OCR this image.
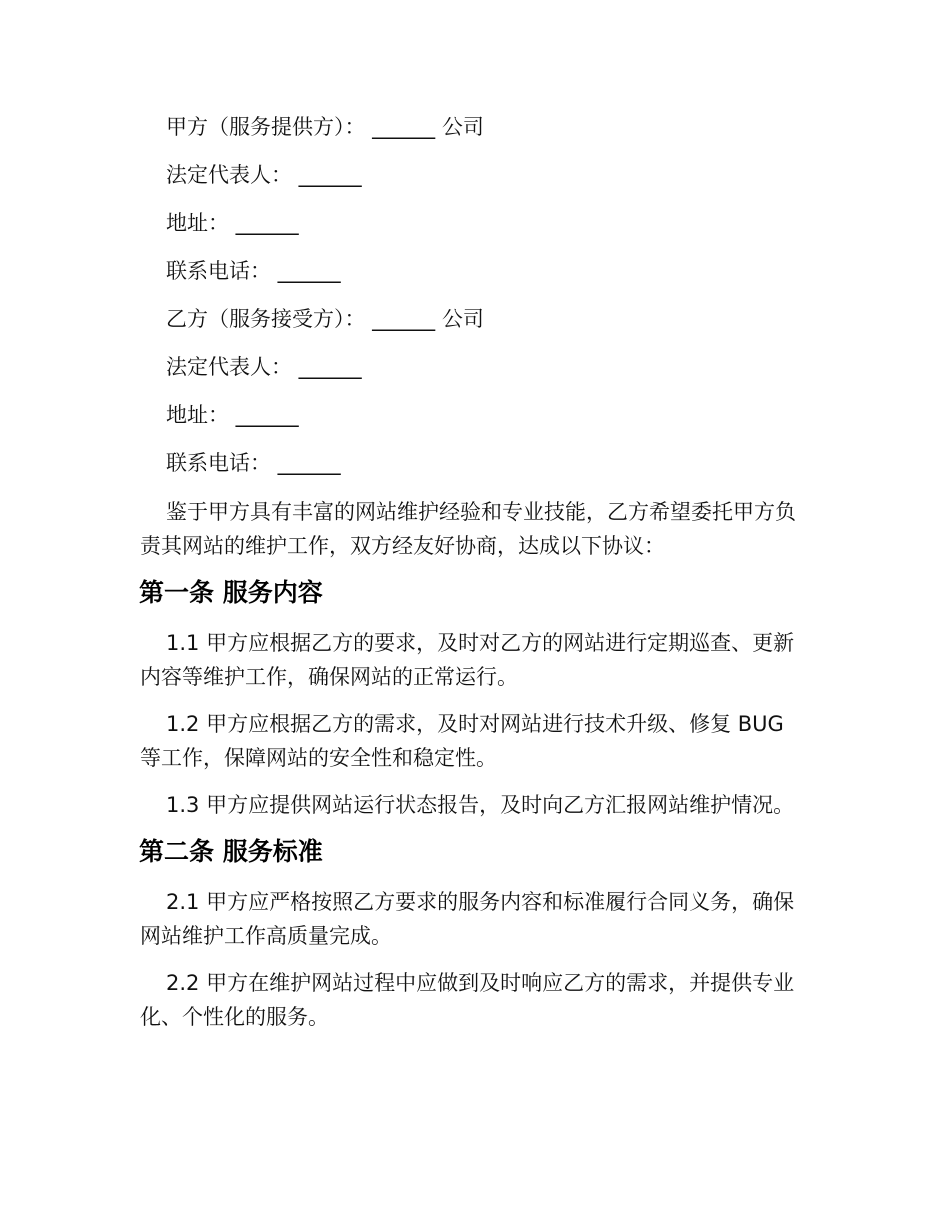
甲方（服务提供方）： ______ 公司

法定代表人： ______

地址： ______

联系电话： ______

乙方（服务接受方）： ______ 公司

法定代表人： ______

地址： ______

联系电话： ______

鉴于甲方具有丰富的网站维护经验和专业技能，乙方希望委托甲方负责其网站的维护工作，双方经友好协商，达成以下协议：

第一条 服务内容

1.1 甲方应根据乙方的要求，及时对乙方的网站进行定期巡查、更新内容等维护工作，确保网站的正常运行。

1.2 甲方应根据乙方的需求，及时对网站进行技术升级、修复 BUG 等工作，保障网站的安全性和稳定性。

1.3 甲方应提供网站运行状态报告，及时向乙方汇报网站维护情况。

第二条 服务标准

2.1 甲方应严格按照乙方要求的服务内容和标准履行合同义务，确保网站维护工作高质量完成。

2.2 甲方在维护网站过程中应做到及时响应乙方的需求，并提供专业化、个性化的服务。
